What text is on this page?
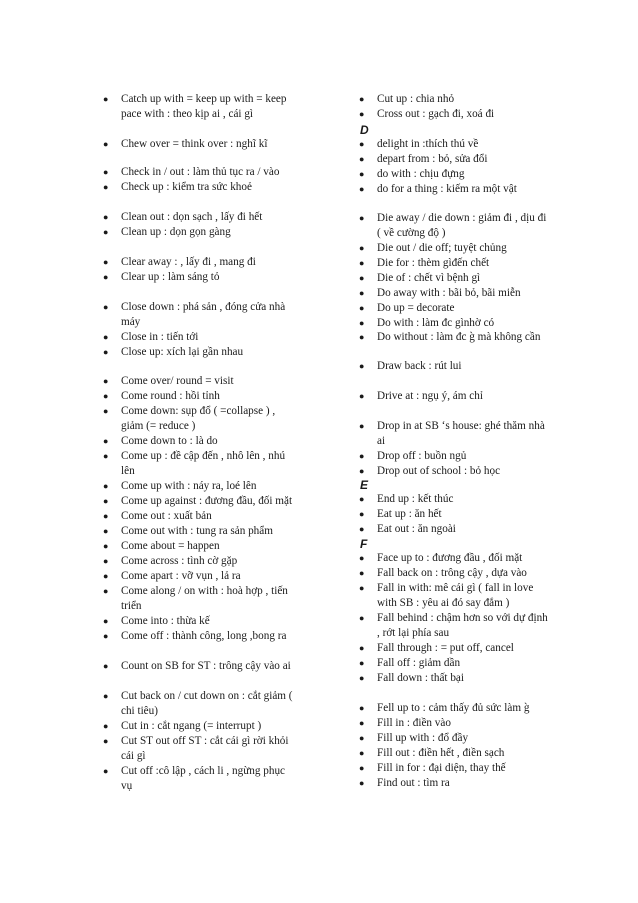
● Catch up with = keep up with = keep
pace with : theo kịp ai , cái gì
● Chew over = think over : nghĩ kĩ
● Check in / out : làm thủ tục ra / vào
● Check up : kiểm tra sức khoẻ
● Clean out : dọn sạch , lấy đi hết
● Clean up : dọn gọn gàng
● Clear away : , lấy đi , mang đi
● Clear up : làm sáng tỏ
● Close down : phá sản , đóng cửa nhà
máy
● Close in : tiến tới
● Close up: xích lại gần nhau
● Come over/ round = visit
● Come round : hồi tỉnh
● Come down: sụp đổ ( =collapse ) ,
giảm (= reduce )
● Come down to : là do
● Come up : đề cập đến , nhô lên , nhú
lên
● Come up with : náy ra, loé lên
● Come up against : đương đầu, đối mặt
● Come out : xuất bản
● Come out with : tung ra sản phẩm
● Come about = happen
● Come across : tình cờ gặp
● Come apart : vỡ vụn , lả ra
● Come along / on with : hoà hợp , tiến
triển
● Come into : thừa kế
● Come off : thành công, long ,bong ra
● Count on SB for ST : trông cậy vào ai
● Cut back on / cut down on : cắt giảm (
chi tiêu)
● Cut in : cắt ngang (= interrupt )
● Cut ST out off ST : cắt cái gì rời khỏi
cái gì
● Cut off :cô lập , cách li , ngừng phục
vụ
● Cut up : chia nhỏ
● Cross out : gạch đi, xoá đi
D
● delight in :thích thú về
● depart from : bỏ, sửa đổi
● do with : chịu đựng
● do for a thing : kiếm ra một vật
● Die away / die down : giảm đi , dịu đi
( về cường độ )
● Die out / die off; tuyệt chủng
● Die for : thèm gìđến chết
● Die of : chết vì bệnh gì
● Do away with : bãi bỏ, bãi miễn
● Do up = decorate
● Do with : làm đc gìnhờ có
● Do without : làm đc g̀ mà không cần
● Draw back : rút lui
● Drive at : ngụ ý, ám chỉ
● Drop in at SB ‘s house: ghé thăm nhà
ai
● Drop off : buồn ngủ
● Drop out of school : bỏ học
E
● End up : kết thúc
● Eat up : ăn hết
● Eat out : ăn ngoài
F
● Face up to : đương đầu , đối mặt
● Fall back on : trông cậy , dựa vào
● Fall in with: mê cái gì ( fall in love
with SB : yêu ai đó say đắm )
● Fall behind : chậm hơn so với dự định
, rớt lại phía sau
● Fall through : = put off, cancel
● Fall off : giảm dần
● Fall down : thất bại
● Fell up to : cảm thấy đủ sức làm g̀
● Fill in : điền vào
● Fill up with : đổ đầy
● Fill out : điền hết , điền sạch
● Fill in for : đại diện, thay thế
● Find out : tìm ra
